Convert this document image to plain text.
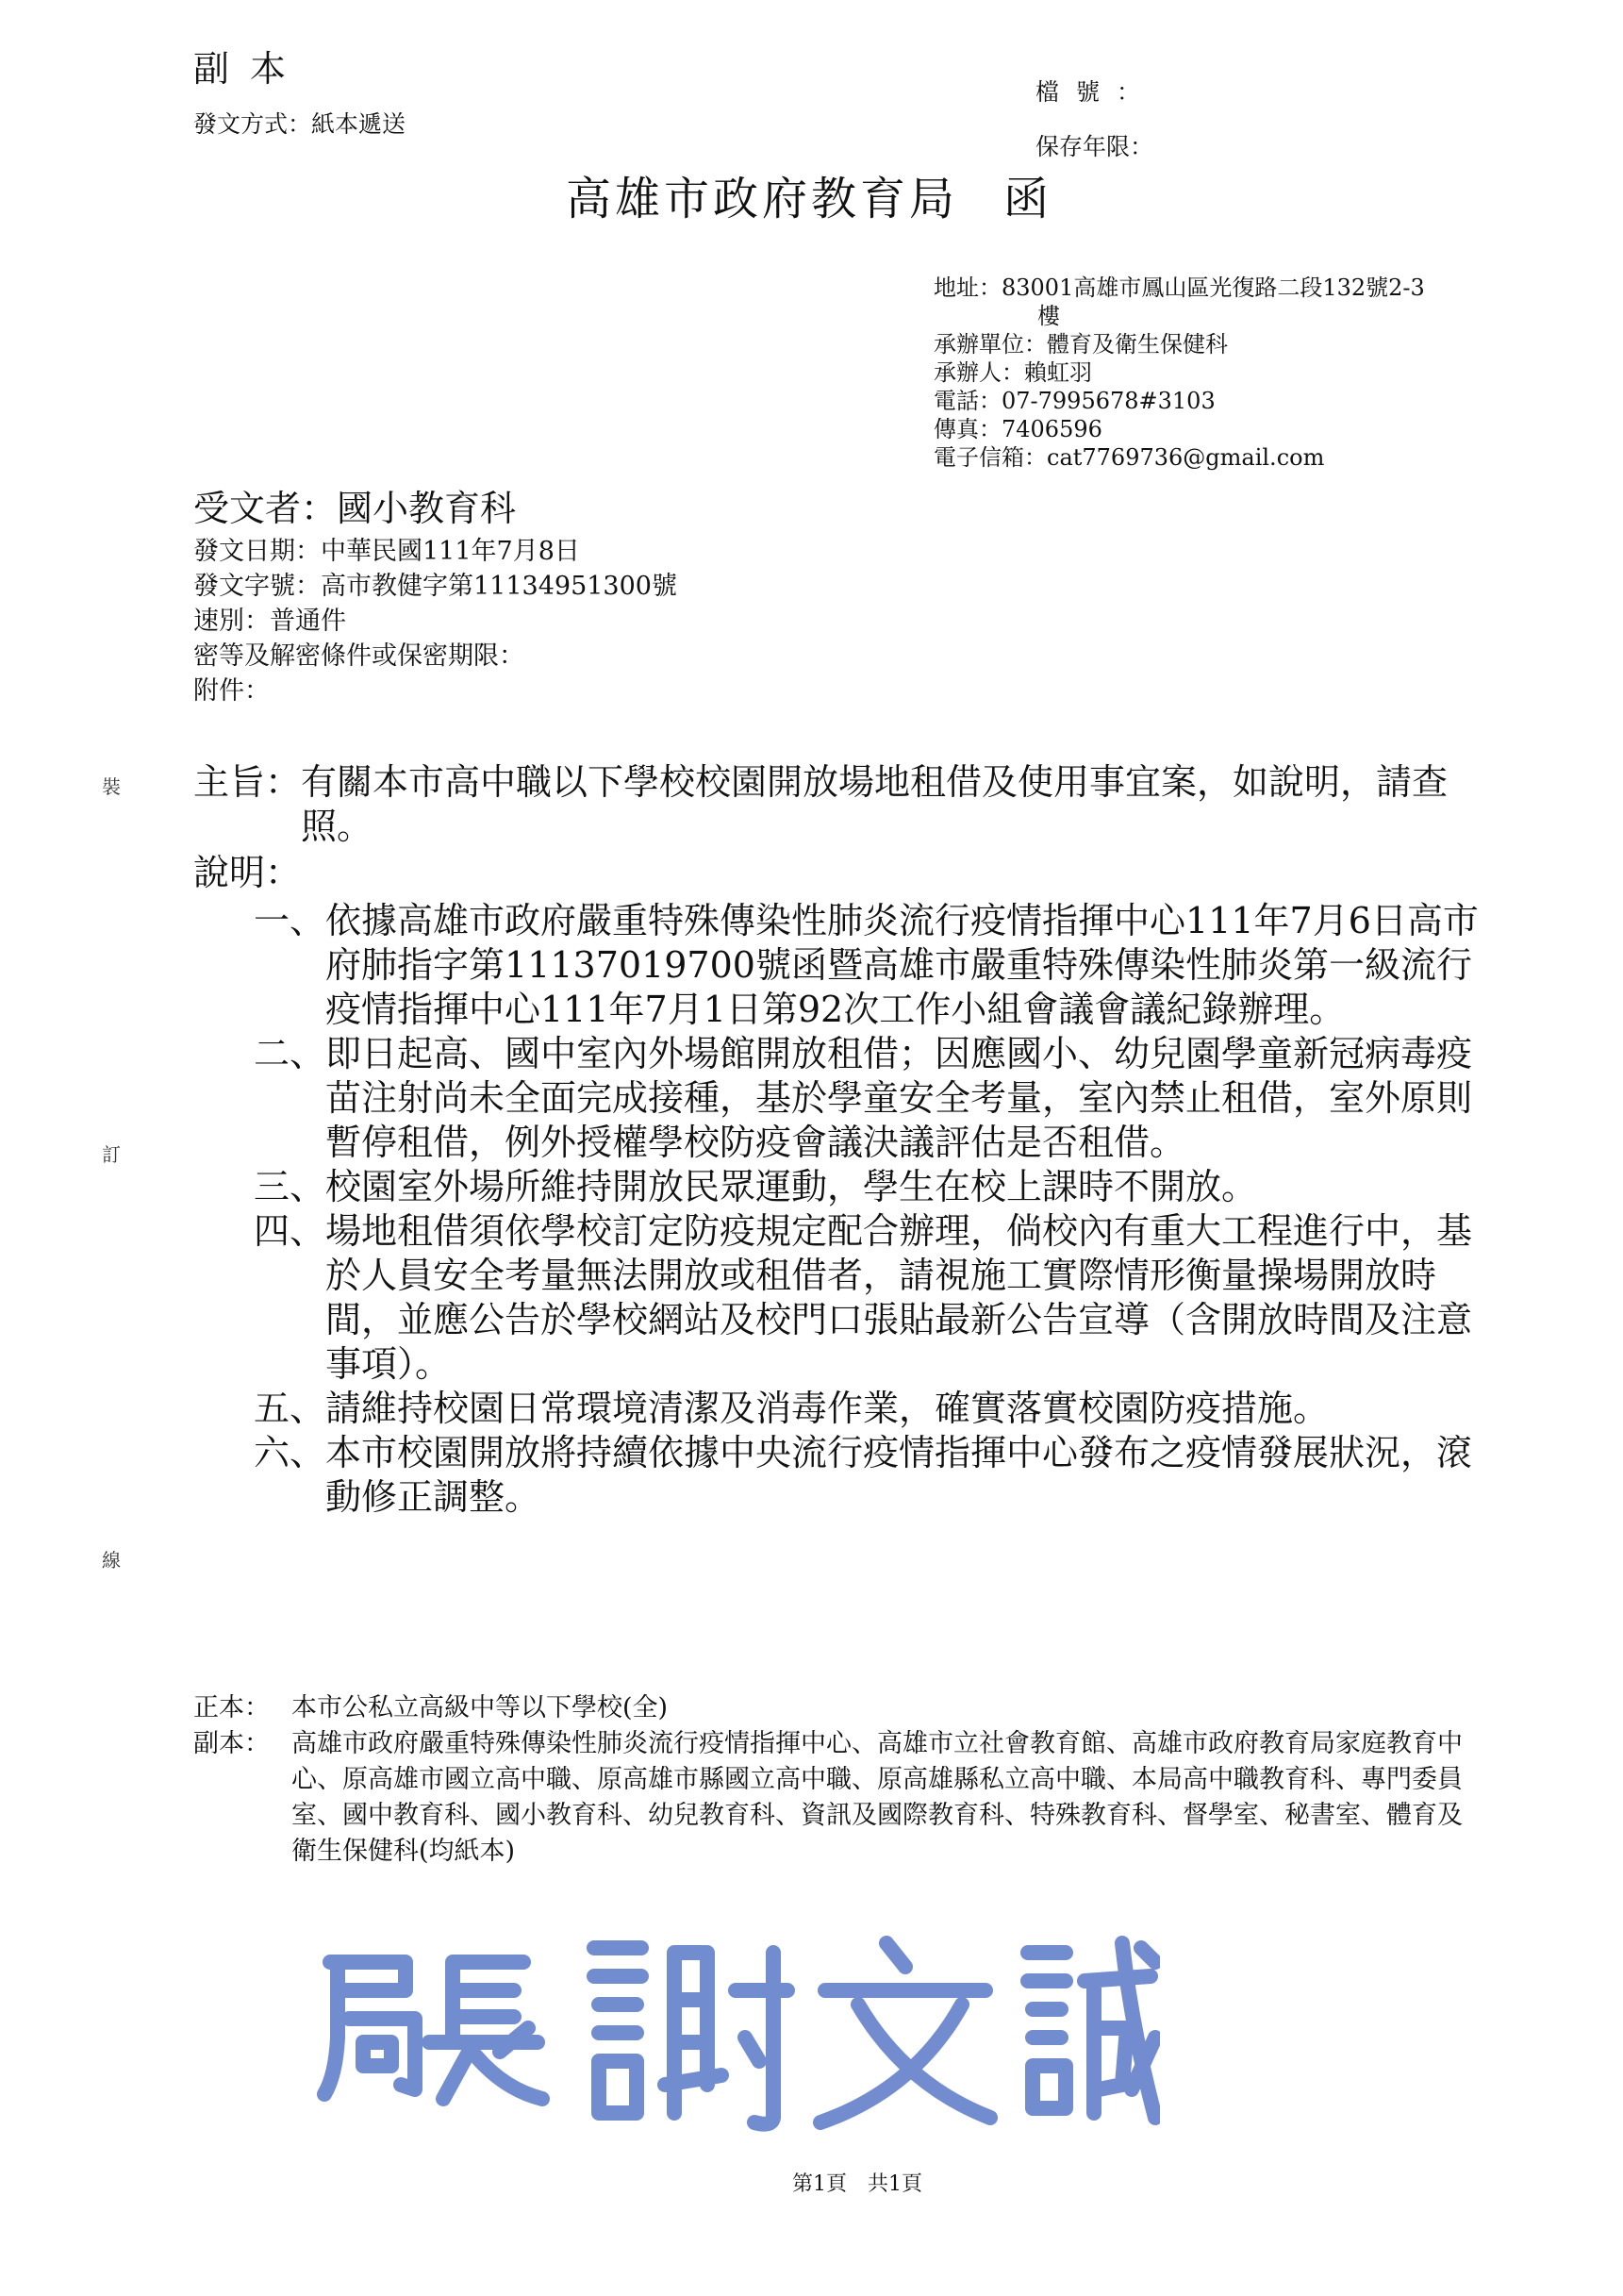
副本
發文方式：紙本遞送
檔號：
保存年限：
高雄市政府教育局 函
地址：83001高雄市鳳山區光復路二段132號2-3
樓
承辦單位：體育及衛生保健科
承辦人：賴虹羽
電話：07-7995678#3103
傳真：7406596
電子信箱：cat7769736@gmail.com
受文者：國小教育科
發文日期：中華民國111年7月8日
發文字號：高市教健字第11134951300號
速別：普通件
密等及解密條件或保密期限：
附件：
裝
訂
線
主旨： 有關本市高中職以下學校校園開放場地租借及使用事宜案，如說明，請查照。
說明：
一、 依據高雄市政府嚴重特殊傳染性肺炎流行疫情指揮中心111年7月6日高市府肺指字第11137019700號函暨高雄市嚴重特殊傳染性肺炎第一級流行疫情指揮中心111年7月1日第92次工作小組會議會議紀錄辦理。
二、 即日起高、國中室內外場館開放租借；因應國小、幼兒園學童新冠病毒疫苗注射尚未全面完成接種，基於學童安全考量，室內禁止租借，室外原則暫停租借，例外授權學校防疫會議決議評估是否租借。
三、 校園室外場所維持開放民眾運動，學生在校上課時不開放。
四、 場地租借須依學校訂定防疫規定配合辦理，倘校內有重大工程進行中，基於人員安全考量無法開放或租借者，請視施工實際情形衡量操場開放時間，並應公告於學校網站及校門口張貼最新公告宣導（含開放時間及注意事項）。
五、 請維持校園日常環境清潔及消毒作業，確實落實校園防疫措施。
六、 本市校園開放將持續依據中央流行疫情指揮中心發布之疫情發展狀況，滾動修正調整。
正本： 本市公私立高級中等以下學校(全)
副本： 高雄市政府嚴重特殊傳染性肺炎流行疫情指揮中心、高雄市立社會教育館、高雄市政府教育局家庭教育中心、原高雄市國立高中職、原高雄市縣國立高中職、原高雄縣私立高中職、本局高中職教育科、專門委員室、國中教育科、國小教育科、幼兒教育科、資訊及國際教育科、特殊教育科、督學室、秘書室、體育及衛生保健科(均紙本)
第1頁  共1頁
